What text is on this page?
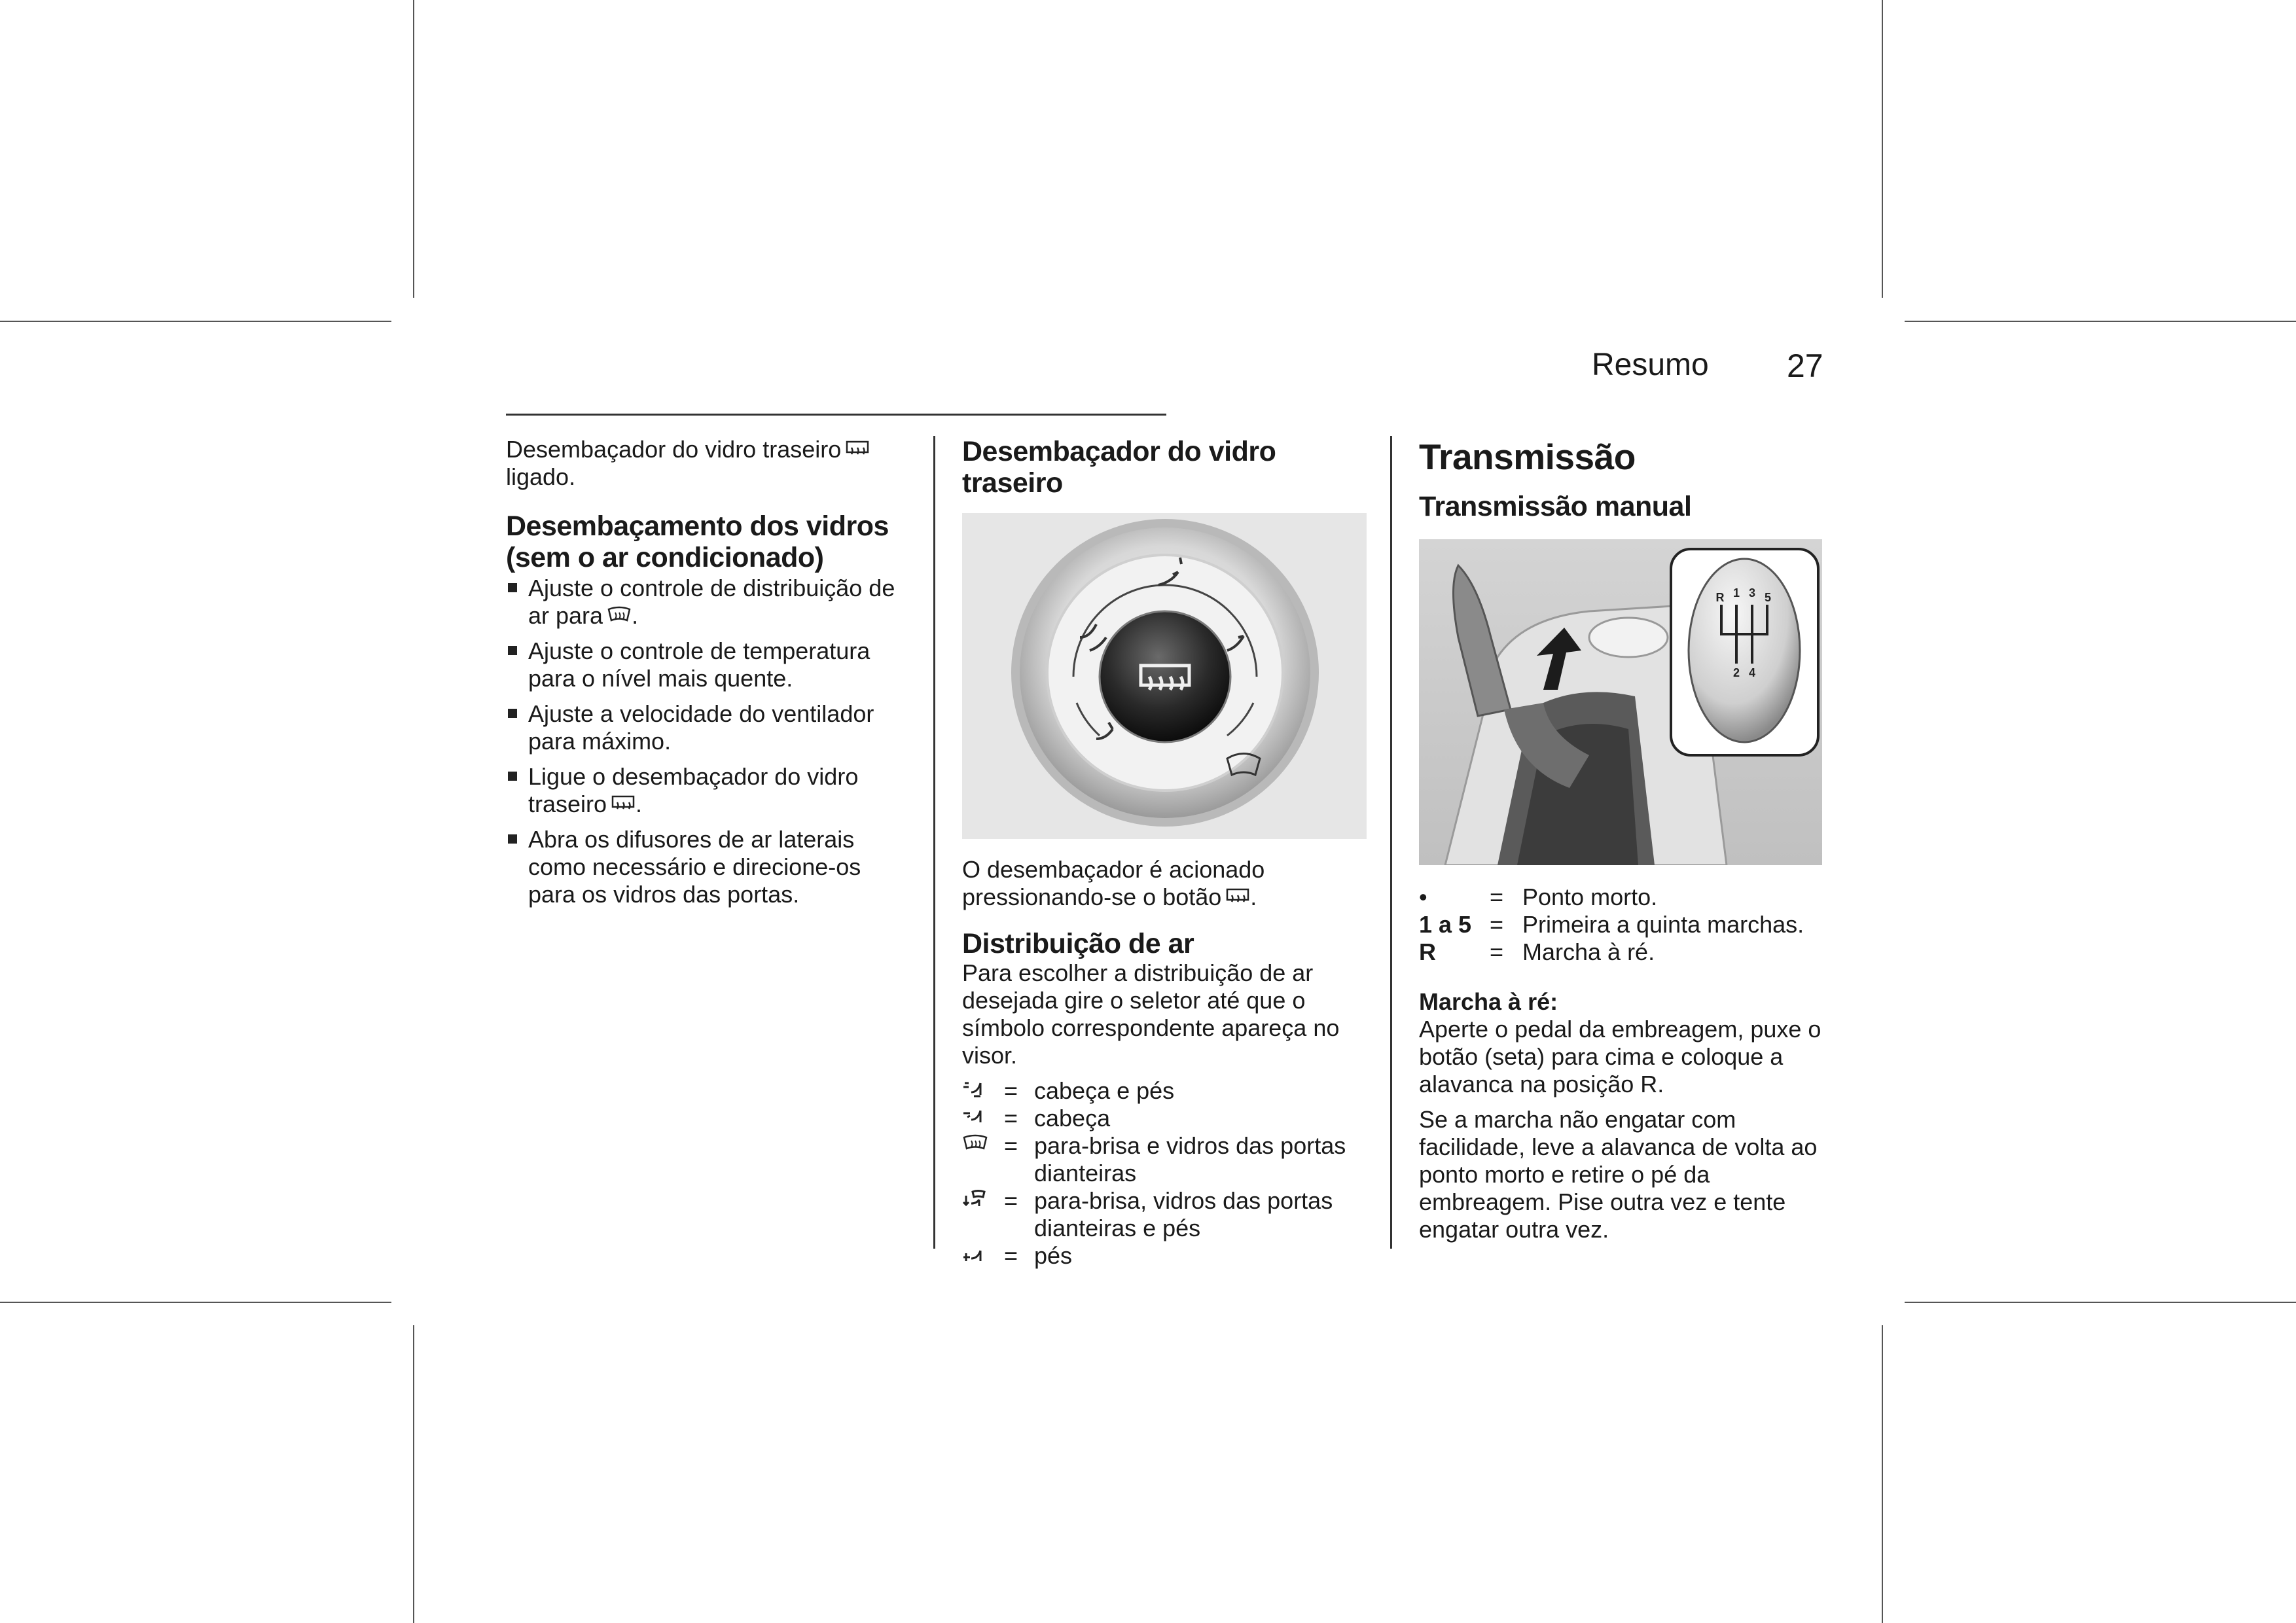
Resumo 27

Desembaçador do vidro traseiro
ligado.

Desembaçamento dos vidros
(sem o ar condicionado)
Ajuste o controle de distribuição de ar para .
Ajuste o controle de temperatura para o nível mais quente.
Ajuste a velocidade do ventilador para máximo.
Ligue o desembaçador do vidro traseiro .
Abra os difusores de ar laterais como necessário e direcione-os para os vidros das portas.
Desembaçador do vidro traseiro

O desembaçador é acionado pressionando-se o botão .

Distribuição de ar

Para escolher a distribuição de ar desejada gire o seletor até que o símbolo correspondente apareça no visor.

= cabeça e pés
= cabeça
= para-brisa e vidros das portas dianteiras
= para-brisa, vidros das portas dianteiras e pés
= pés
Transmissão
Transmissão manual
R 1 3 5
2 4
•	= Ponto morto.
1 a 5 = Primeira a quinta marchas.
R	= Marcha à ré.
Marcha à ré:

Aperte o pedal da embreagem, puxe o botão (seta) para cima e coloque a alavanca na posição R.

Se a marcha não engatar com facilidade, leve a alavanca de volta ao ponto morto e retire o pé da embreagem. Pise outra vez e tente engatar outra vez.
